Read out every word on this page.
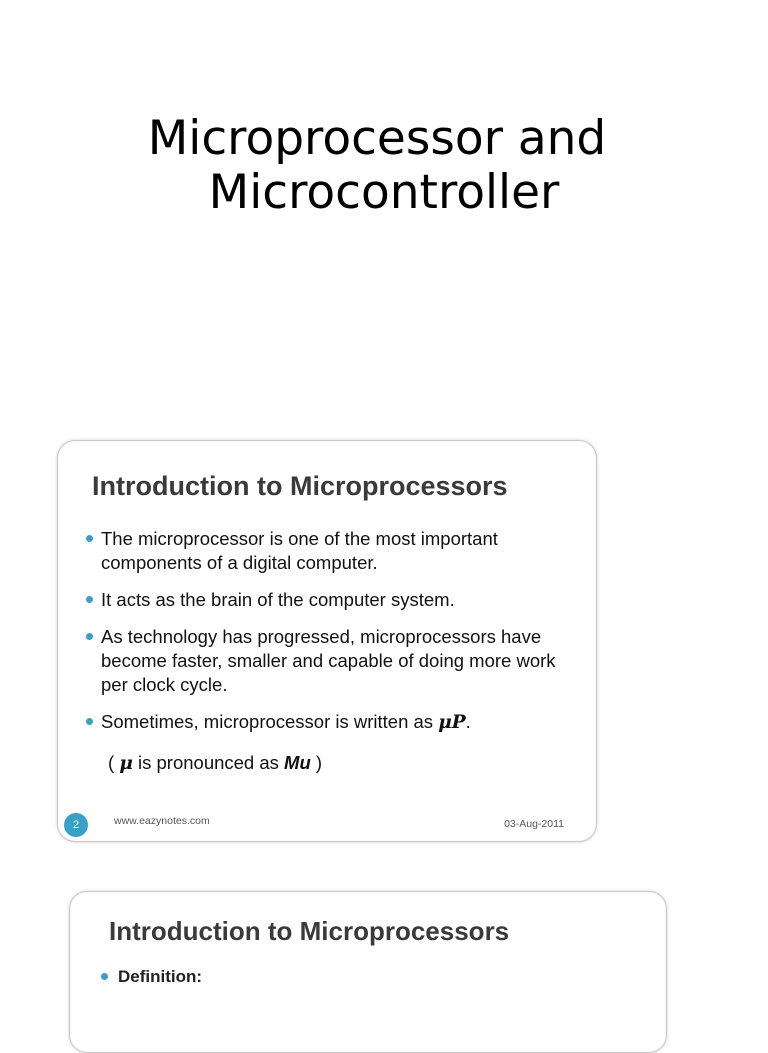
Microprocessor and
Microcontroller
Introduction to Microprocessors
The microprocessor is one of the most important components of a digital computer.
It acts as the brain of the computer system.
As technology has progressed, microprocessors have become faster, smaller and capable of doing more work per clock cycle.
Sometimes, microprocessor is written as μP.
( μ is pronounced as Mu )
2	www.eazynotes.com	03-Aug-2011
Introduction to Microprocessors
Definition:
